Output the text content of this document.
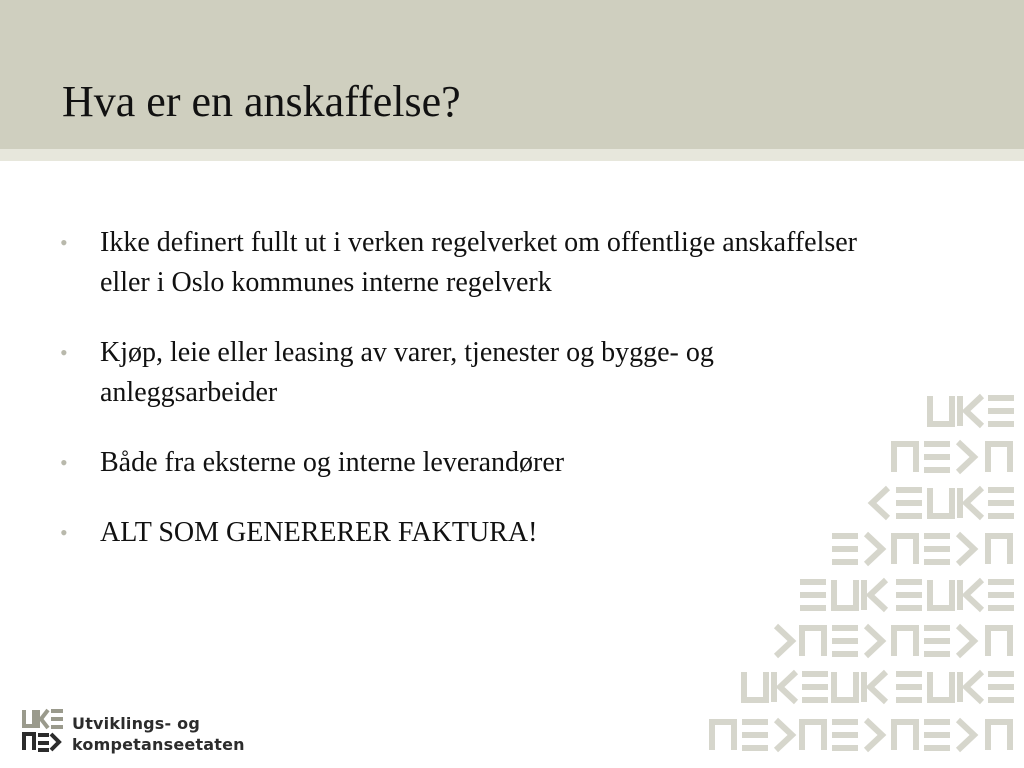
Hva er en anskaffelse?
• Ikke definert fullt ut i verken regelverket om offentlige anskaffelser eller i Oslo kommunes interne regelverk
• Kjøp, leie eller leasing av varer, tjenester og bygge- og anleggsarbeider
• Både fra eksterne og interne leverandører
• ALT SOM GENERERER FAKTURA!
Utviklings- og
kompetanseetaten
